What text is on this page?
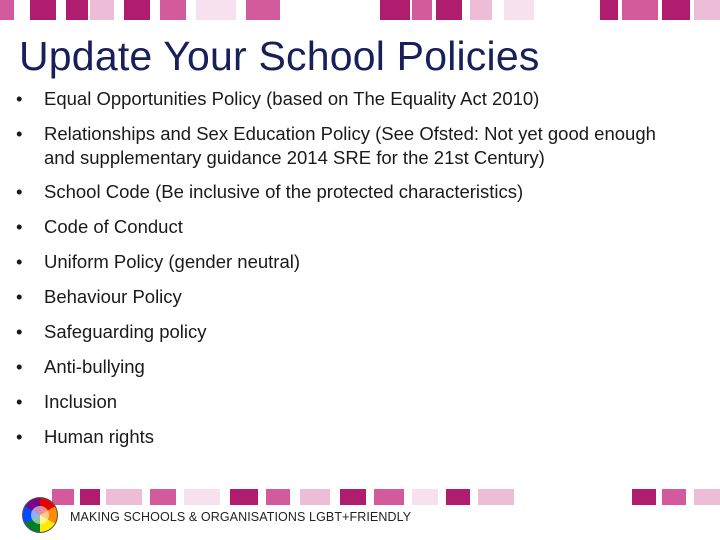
Update Your School Policies
• Equal Opportunities Policy (based on The Equality Act 2010)
• Relationships and Sex Education Policy (See Ofsted: Not yet good enough and supplementary guidance 2014 SRE for the 21st Century)
• School Code (Be inclusive of the protected characteristics)
• Code of Conduct
• Uniform Policy (gender neutral)
• Behaviour Policy
• Safeguarding policy
• Anti-bullying
• Inclusion
• Human rights
MAKING SCHOOLS & ORGANISATIONS LGBT+FRIENDLY
